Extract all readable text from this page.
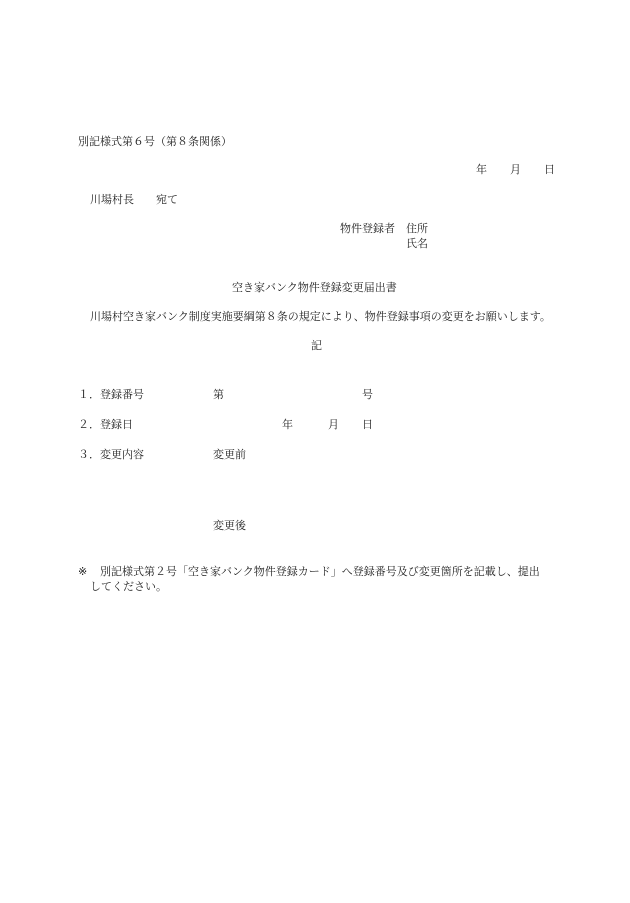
別記様式第６号（第８条関係）
年 月 日
川場村長　　宛て
物件登録者 住所
氏名
空き家バンク物件登録変更届出書
川場村空き家バンク制度実施要綱第８条の規定により、物件登録事項の変更をお願いします。
記
１． 登録番号	第	号
２． 登録日	年	月 日
３． 変更内容	変更前
変更後
※ 別記様式第２号「空き家バンク物件登録カード」へ登録番号及び変更箇所を記載し、提出
してください。
